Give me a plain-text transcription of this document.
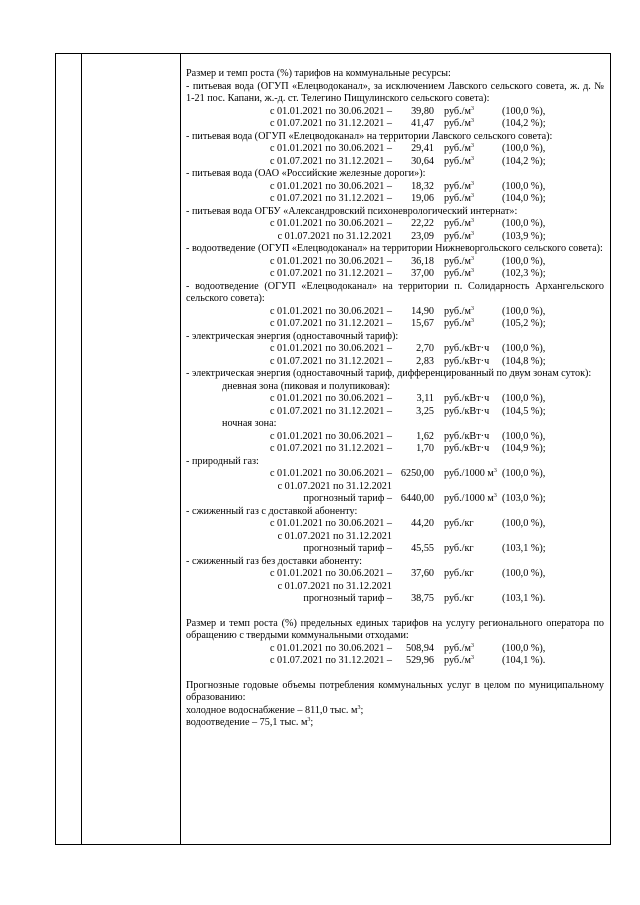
Размер и темп роста (%) тарифов на коммунальные ресурсы:

- питьевая вода (ОГУП «Елецводоканал», за исключением Лавского сельского совета, ж. д. № 1-21 пос. Капани, ж.-д. ст. Телегино Пищулинского сельского совета):

с 01.01.2021 по 30.06.2021 –	39,80 $руб./м^3$	(100,0 %),
с 01.07.2021 по 31.12.2021 –	41,47 $руб./м^3$	(104,2 %);

- питьевая вода (ОГУП «Елецводоканал» на территории Лавского сельского совета):

с 01.01.2021 по 30.06.2021 –	29,41 $руб./м^3$	(100,0 %),
с 01.07.2021 по 31.12.2021 –	30,64 $руб./м^3$	(104,2 %);

- питьевая вода (ОАО «Российские железные дороги»):

с 01.01.2021 по 30.06.2021 –	18,32 $руб./м^3$	(100,0 %),
с 01.07.2021 по 31.12.2021 –	19,06 $руб./м^3$	(104,0 %);

- питьевая вода ОГБУ «Александровский психоневрологический интернат»:

с 01.01.2021 по 30.06.2021 –	22,22 $руб./м^3$	(100,0 %),
с 01.07.2021 по 31.12.2021	23,09 $руб./м^3$	(103,9 %);

- водоотведение (ОГУП «Елецводоканал» на территории Нижневоргольского сельского совета):

с 01.01.2021 по 30.06.2021 –	36,18 $руб./м^3$	(100,0 %),
с 01.07.2021 по 31.12.2021 –	37,00 $руб./м^3$	(102,3 %);

- водоотведение (ОГУП «Елецводоканал» на территории п. Солидарность Архангельского сельского совета):

с 01.01.2021 по 30.06.2021 –	14,90 $руб./м^3$	(100,0 %),
с 01.07.2021 по 31.12.2021 –	15,67 $руб./м^3$	(105,2 %);

- электрическая энергия (одноставочный тариф):

с 01.01.2021 по 30.06.2021 –	2,70 руб./кВт·ч	(100,0 %),
с 01.07.2021 по 31.12.2021 –	2,83 руб./кВт·ч	(104,8 %);

- электрическая энергия (одноставочный тариф, дифференцированный по двум зонам суток):

дневная зона (пиковая и полупиковая):

с 01.01.2021 по 30.06.2021 –	3,11 руб./кВт·ч	(100,0 %),
с 01.07.2021 по 31.12.2021 –	3,25 руб./кВт·ч	(104,5 %);

ночная зона:

с 01.01.2021 по 30.06.2021 –	1,62 руб./кВт·ч	(100,0 %),
с 01.07.2021 по 31.12.2021 –	1,70 руб./кВт·ч	(104,9 %);

- природный газ:

с 01.01.2021 по 30.06.2021 – 6250,00 руб./1000 $м^3$ (100,0 %),
с 01.07.2021 по 31.12.2021
прогнозный тариф – 6440,00 руб./1000 $м^3$ (103,0 %);

- сжиженный газ с доставкой абоненту:

с 01.01.2021 по 30.06.2021 –	44,20 руб./кг	(100,0 %),
с 01.07.2021 по 31.12.2021
прогнозный тариф –	45,55 руб./кг	(103,1 %);

- сжиженный газ без доставки абоненту:

с 01.01.2021 по 30.06.2021 –	37,60 руб./кг	(100,0 %),
с 01.07.2021 по 31.12.2021
прогнозный тариф –	38,75 руб./кг	(103,1 %).

Размер и темп роста (%) предельных единых тарифов на услугу регионального оператора по обращению с твердыми коммунальными отходами:

с 01.01.2021 по 30.06.2021 –	508,94 $руб./м^3$	(100,0 %),
с 01.07.2021 по 31.12.2021 –	529,96 $руб./м^3$	(104,1 %).

Прогнозные годовые объемы потребления коммунальных услуг в целом по муниципальному образованию:

холодное водоснабжение – 811,0 тыс. $м^3$;

водоотведение – 75,1 тыс. $м^3$;
